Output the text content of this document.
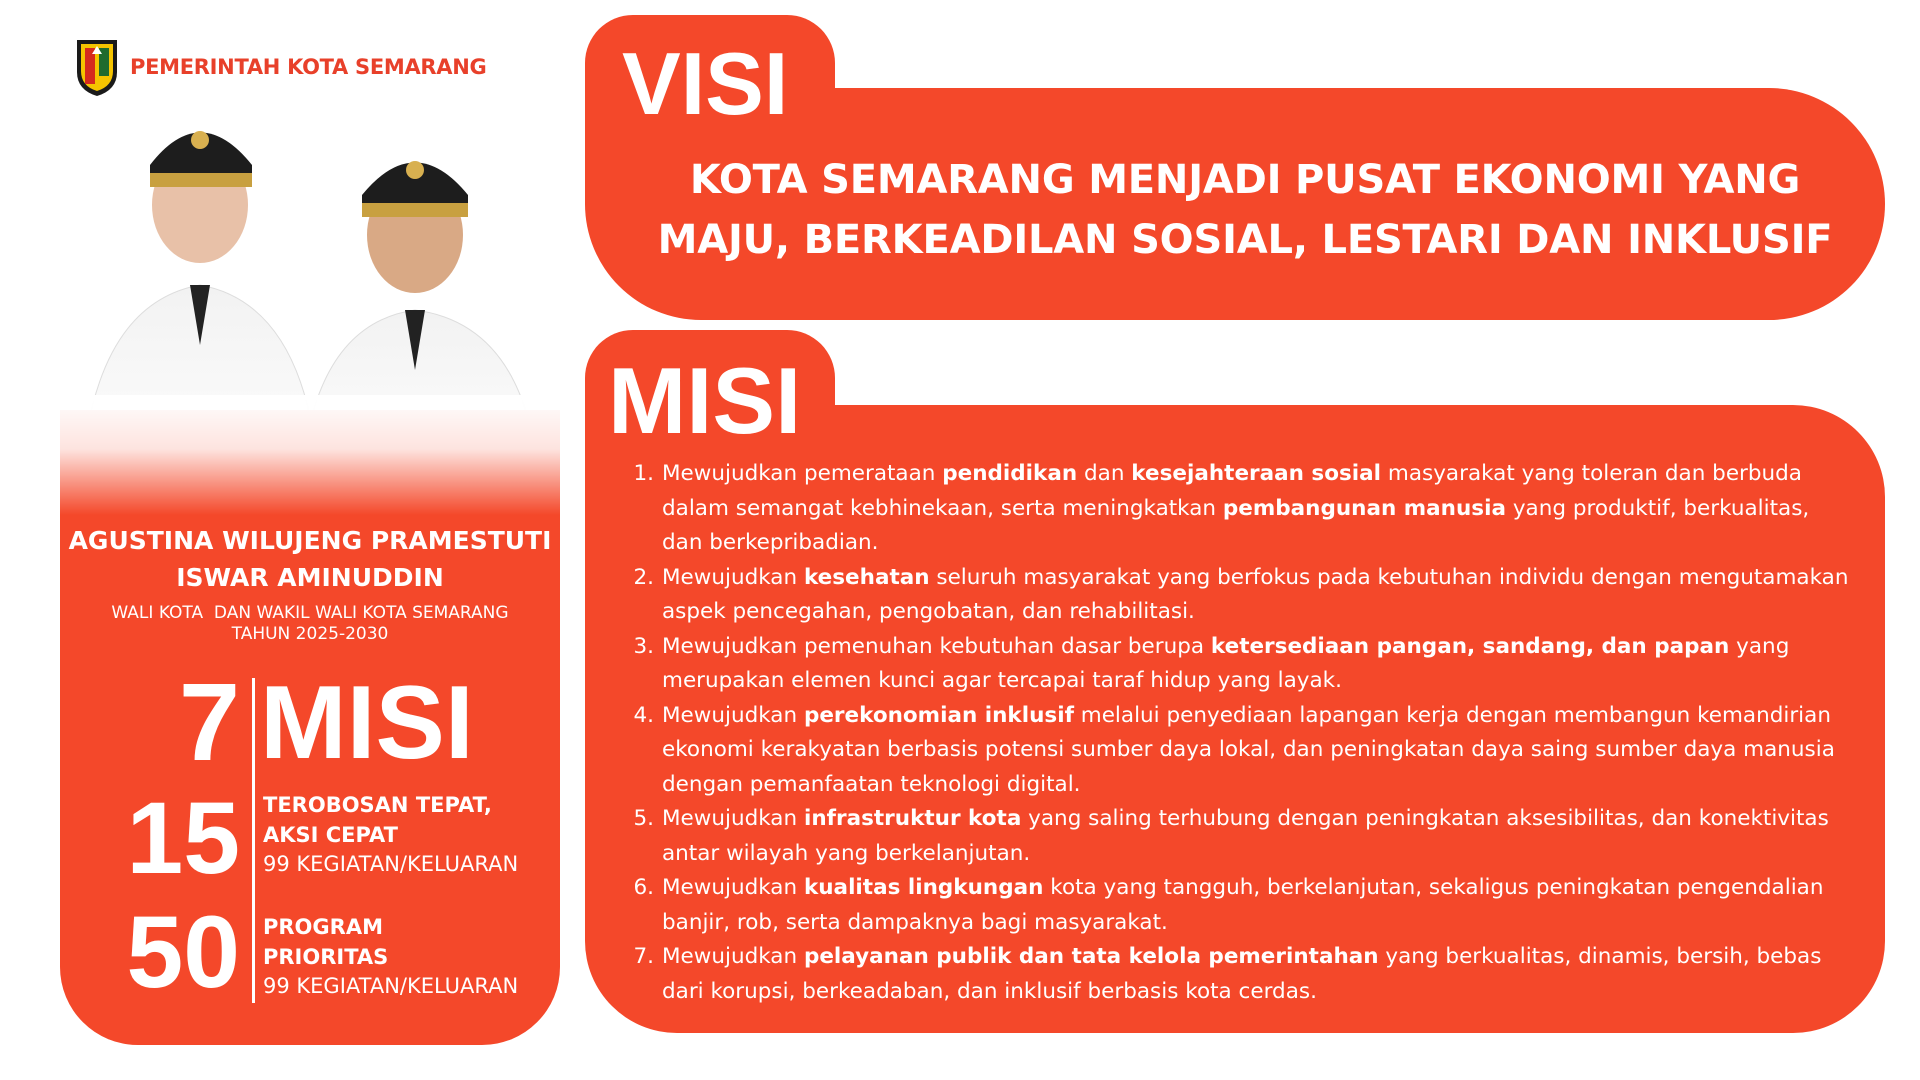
PEMERINTAH KOTA SEMARANG
AGUSTINA WILUJENG PRAMESTUTI
ISWAR AMINUDDIN
WALI KOTA  DAN WAKIL WALI KOTA SEMARANG
TAHUN 2025-2030
7 MISI
15 TEROBOSAN TEPAT,
AKSI CEPAT
99 KEGIATAN/KELUARAN
50 PROGRAM
PRIORITAS
99 KEGIATAN/KELUARAN
VISI
KOTA SEMARANG MENJADI PUSAT EKONOMI YANG
MAJU, BERKEADILAN SOSIAL, LESTARI DAN INKLUSIF
MISI
1. Mewujudkan pemerataan pendidikan dan kesejahteraan sosial masyarakat yang toleran dan berbuda dalam semangat kebhinekaan, serta meningkatkan pembangunan manusia yang produktif, berkualitas, dan berkepribadian.
2. Mewujudkan kesehatan seluruh masyarakat yang berfokus pada kebutuhan individu dengan mengutamakan aspek pencegahan, pengobatan, dan rehabilitasi.
3. Mewujudkan pemenuhan kebutuhan dasar berupa ketersediaan pangan, sandang, dan papan yang merupakan elemen kunci agar tercapai taraf hidup yang layak.
4. Mewujudkan perekonomian inklusif melalui penyediaan lapangan kerja dengan membangun kemandirian ekonomi kerakyatan berbasis potensi sumber daya lokal, dan peningkatan daya saing sumber daya manusia dengan pemanfaatan teknologi digital.
5. Mewujudkan infrastruktur kota yang saling terhubung dengan peningkatan aksesibilitas, dan konektivitas antar wilayah yang berkelanjutan.
6. Mewujudkan kualitas lingkungan kota yang tangguh, berkelanjutan, sekaligus peningkatan pengendalian banjir, rob, serta dampaknya bagi masyarakat.
7. Mewujudkan pelayanan publik dan tata kelola pemerintahan yang berkualitas, dinamis, bersih, bebas dari korupsi, berkeadaban, dan inklusif berbasis kota cerdas.
